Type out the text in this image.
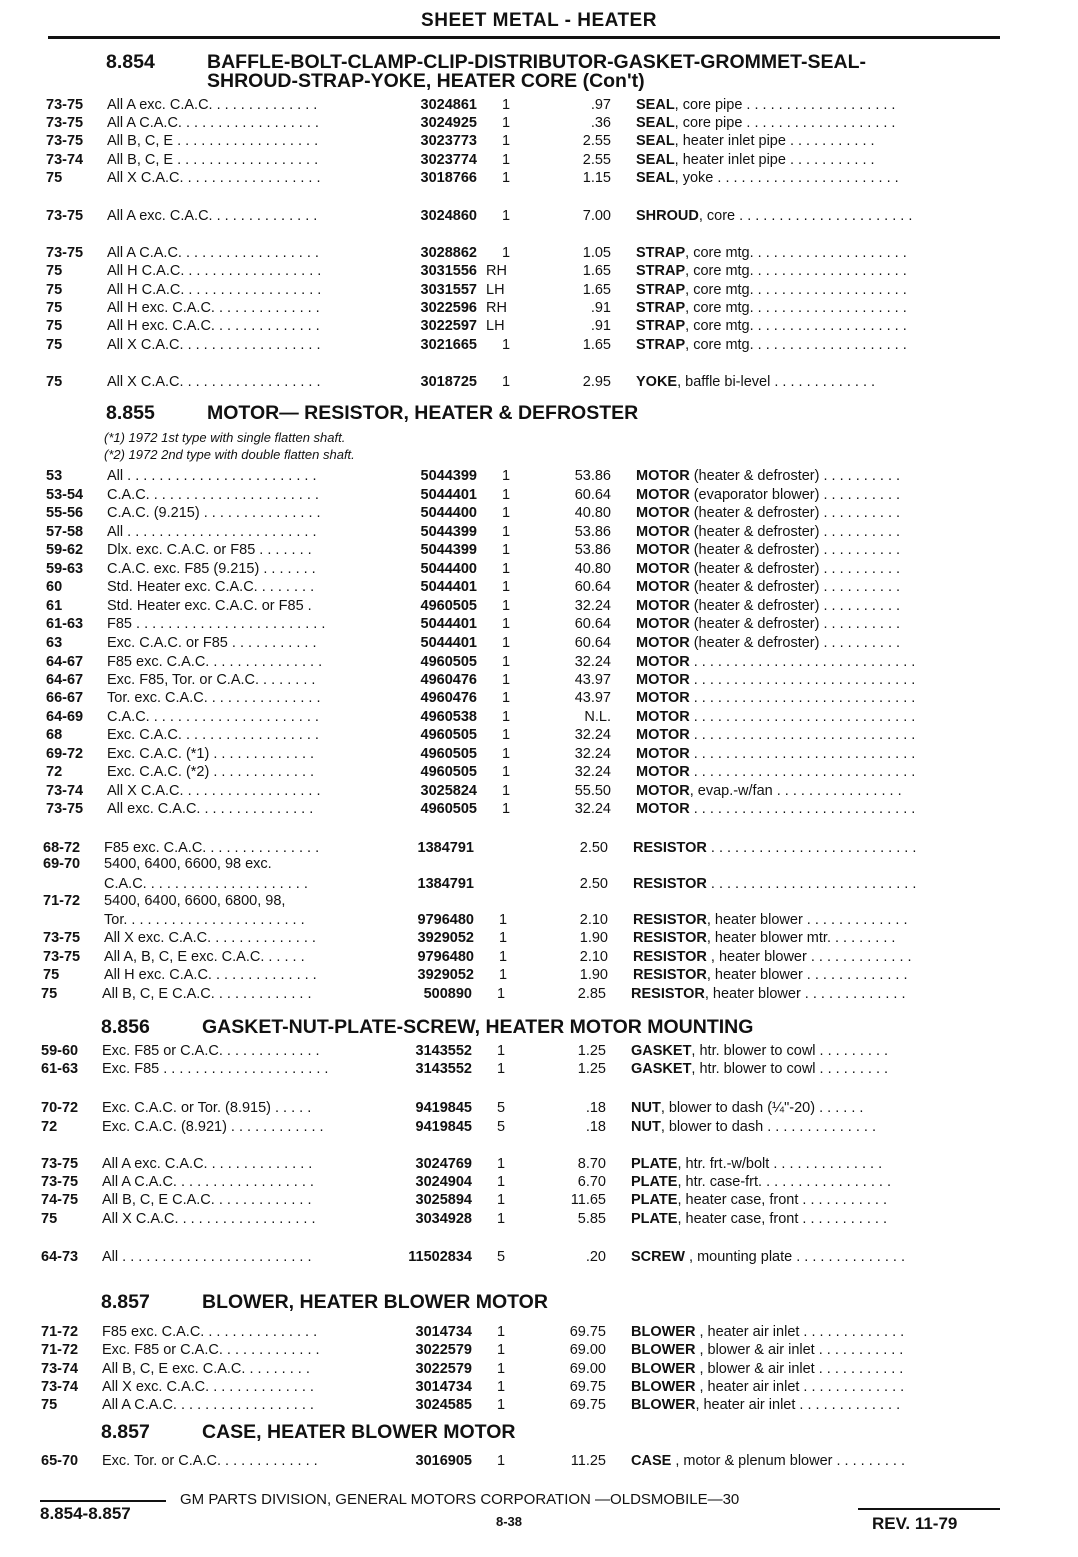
SHEET METAL - HEATER
8.854	BAFFLE-BOLT-CLAMP-CLIP-DISTRIBUTOR-GASKET-GROMMET-SEAL-
SHROUD-STRAP-YOKE, HEATER CORE (Con't)
8.855	MOTOR— RESISTOR, HEATER & DEFROSTER
8.856	GASKET-NUT-PLATE-SCREW, HEATER MOTOR MOUNTING
8.857	BLOWER, HEATER BLOWER MOTOR
8.857	CASE, HEATER BLOWER MOTOR
(*1) 1972 1st type with single flatten shaft.
(*2) 1972 2nd type with double flatten shaft.
73-75 All A exc. C.A.C. . . . . . . . . . . . . .	3024861 1	.97 SEAL, core pipe . . . . . . . . . . . . . . . . . . .
73-75 All A C.A.C. . . . . . . . . . . . . . . . . .	3024925 1	.36 SEAL, core pipe . . . . . . . . . . . . . . . . . . .
73-75 All B, C, E . . . . . . . . . . . . . . . . . .	3023773 1	2.55 SEAL, heater inlet pipe . . . . . . . . . . .
73-74 All B, C, E . . . . . . . . . . . . . . . . . .	3023774 1	2.55 SEAL, heater inlet pipe . . . . . . . . . . .
75	All X C.A.C. . . . . . . . . . . . . . . . . .	3018766 1	1.15 SEAL, yoke . . . . . . . . . . . . . . . . . . . . . . .
73-75 All A exc. C.A.C. . . . . . . . . . . . . .	3024860 1	7.00 SHROUD, core . . . . . . . . . . . . . . . . . . . . . .
73-75 All A C.A.C. . . . . . . . . . . . . . . . . .	3028862 1	1.05 STRAP, core mtg. . . . . . . . . . . . . . . . . . . .
75	All H C.A.C. . . . . . . . . . . . . . . . . .	3031556 RH	1.65 STRAP, core mtg. . . . . . . . . . . . . . . . . . . .
75	All H C.A.C. . . . . . . . . . . . . . . . . .	3031557 LH	1.65 STRAP, core mtg. . . . . . . . . . . . . . . . . . . .
75	All H exc. C.A.C. . . . . . . . . . . . . .	3022596 RH	.91 STRAP, core mtg. . . . . . . . . . . . . . . . . . . .
75	All H exc. C.A.C. . . . . . . . . . . . . .	3022597 LH	.91 STRAP, core mtg. . . . . . . . . . . . . . . . . . . .
75	All X C.A.C. . . . . . . . . . . . . . . . . .	3021665 1	1.65 STRAP, core mtg. . . . . . . . . . . . . . . . . . . .
75	All X C.A.C. . . . . . . . . . . . . . . . . .	3018725 1	2.95 YOKE, baffle bi-level . . . . . . . . . . . . .
53	All . . . . . . . . . . . . . . . . . . . . . . . .	5044399 1	53.86 MOTOR (heater & defroster) . . . . . . . . . .
53-54 C.A.C. . . . . . . . . . . . . . . . . . . . . .	5044401 1	60.64 MOTOR (evaporator blower) . . . . . . . . . .
55-56 C.A.C. (9.215) . . . . . . . . . . . . . . .	5044400 1	40.80 MOTOR (heater & defroster) . . . . . . . . . .
57-58 All . . . . . . . . . . . . . . . . . . . . . . . .	5044399 1	53.86 MOTOR (heater & defroster) . . . . . . . . . .
59-62 Dlx. exc. C.A.C. or F85 . . . . . . .	5044399 1	53.86 MOTOR (heater & defroster) . . . . . . . . . .
59-63 C.A.C. exc. F85 (9.215) . . . . . . .	5044400 1	40.80 MOTOR (heater & defroster) . . . . . . . . . .
60	Std. Heater exc. C.A.C. . . . . . . .	5044401 1	60.64 MOTOR (heater & defroster) . . . . . . . . . .
61	Std. Heater exc. C.A.C. or F85 .	4960505 1	32.24 MOTOR (heater & defroster) . . . . . . . . . .
61-63 F85 . . . . . . . . . . . . . . . . . . . . . . . .	5044401 1	60.64 MOTOR (heater & defroster) . . . . . . . . . .
63	Exc. C.A.C. or F85 . . . . . . . . . . .	5044401 1	60.64 MOTOR (heater & defroster) . . . . . . . . . .
64-67 F85 exc. C.A.C. . . . . . . . . . . . . . .	4960505 1	32.24 MOTOR . . . . . . . . . . . . . . . . . . . . . . . . . . . .
64-67 Exc. F85, Tor. or C.A.C. . . . . . . .	4960476 1	43.97 MOTOR . . . . . . . . . . . . . . . . . . . . . . . . . . . .
66-67 Tor. exc. C.A.C. . . . . . . . . . . . . . .	4960476 1	43.97 MOTOR . . . . . . . . . . . . . . . . . . . . . . . . . . . .
64-69 C.A.C. . . . . . . . . . . . . . . . . . . . . .	4960538 1	N.L. MOTOR . . . . . . . . . . . . . . . . . . . . . . . . . . . .
68	Exc. C.A.C. . . . . . . . . . . . . . . . . .	4960505 1	32.24 MOTOR . . . . . . . . . . . . . . . . . . . . . . . . . . . .
69-72 Exc. C.A.C. (*1) . . . . . . . . . . . . .	4960505 1	32.24 MOTOR . . . . . . . . . . . . . . . . . . . . . . . . . . . .
72	Exc. C.A.C. (*2) . . . . . . . . . . . . .	4960505 1	32.24 MOTOR . . . . . . . . . . . . . . . . . . . . . . . . . . . .
73-74 All X C.A.C. . . . . . . . . . . . . . . . . .	3025824 1	55.50 MOTOR, evap.-w/fan . . . . . . . . . . . . . . . .
73-75 All exc. C.A.C. . . . . . . . . . . . . . .	4960505 1	32.24 MOTOR . . . . . . . . . . . . . . . . . . . . . . . . . . . .
68-72 F85 exc. C.A.C. . . . . . . . . . . . . . .	1384791	2.50 RESISTOR . . . . . . . . . . . . . . . . . . . . . . . . . .
69-70 5400, 6400, 6600, 98 exc.
C.A.C. . . . . . . . . . . . . . . . . . . . .	1384791	2.50 RESISTOR . . . . . . . . . . . . . . . . . . . . . . . . . .
71-72 5400, 6400, 6600, 6800, 98,
Tor. . . . . . . . . . . . . . . . . . . . . . .	9796480 1	2.10 RESISTOR, heater blower . . . . . . . . . . . . .
73-75 All X exc. C.A.C. . . . . . . . . . . . . .	3929052 1	1.90 RESISTOR, heater blower mtr. . . . . . . . .
73-75 All A, B, C, E exc. C.A.C. . . . . .	9796480 1	2.10 RESISTOR , heater blower . . . . . . . . . . . . .
75	All H exc. C.A.C. . . . . . . . . . . . . .	3929052 1	1.90 RESISTOR, heater blower . . . . . . . . . . . . .
75	All B, C, E C.A.C. . . . . . . . . . . . .	500890 1	2.85 RESISTOR, heater blower . . . . . . . . . . . . .
59-60 Exc. F85 or C.A.C. . . . . . . . . . . . .	3143552 1	1.25 GASKET, htr. blower to cowl . . . . . . . . .
61-63 Exc. F85 . . . . . . . . . . . . . . . . . . . . .	3143552 1	1.25 GASKET, htr. blower to cowl . . . . . . . . .
70-72 Exc. C.A.C. or Tor. (8.915) . . . . .	9419845 5	.18 NUT, blower to dash (¼"-20) . . . . . .
72	Exc. C.A.C. (8.921) . . . . . . . . . . . .	9419845 5	.18 NUT, blower to dash . . . . . . . . . . . . . .
73-75 All A exc. C.A.C. . . . . . . . . . . . . .	3024769 1	8.70 PLATE, htr. frt.-w/bolt . . . . . . . . . . . . . .
73-75 All A C.A.C. . . . . . . . . . . . . . . . . .	3024904 1	6.70 PLATE, htr. case-frt. . . . . . . . . . . . . . . . .
74-75 All B, C, E C.A.C. . . . . . . . . . . . .	3025894 1	11.65 PLATE, heater case, front . . . . . . . . . . .
75	All X C.A.C. . . . . . . . . . . . . . . . . .	3034928 1	5.85 PLATE, heater case, front . . . . . . . . . . .
64-73 All . . . . . . . . . . . . . . . . . . . . . . . .	11502834 5	.20 SCREW , mounting plate . . . . . . . . . . . . . .
71-72 F85 exc. C.A.C. . . . . . . . . . . . . . .	3014734 1	69.75 BLOWER , heater air inlet . . . . . . . . . . . . .
71-72 Exc. F85 or C.A.C. . . . . . . . . . . . .	3022579 1	69.00 BLOWER , blower & air inlet . . . . . . . . . . .
73-74 All B, C, E exc. C.A.C. . . . . . . . .	3022579 1	69.00 BLOWER , blower & air inlet . . . . . . . . . . .
73-74 All X exc. C.A.C. . . . . . . . . . . . . .	3014734 1	69.75 BLOWER , heater air inlet . . . . . . . . . . . . .
75	All A C.A.C. . . . . . . . . . . . . . . . . .	3024585 1	69.75 BLOWER, heater air inlet . . . . . . . . . . . . .
65-70 Exc. Tor. or C.A.C. . . . . . . . . . . . .	3016905 1	11.25 CASE , motor & plenum blower . . . . . . . . .
8.854-8.857
GM PARTS DIVISION, GENERAL MOTORS CORPORATION —OLDSMOBILE—30
8-38	REV. 11-79
